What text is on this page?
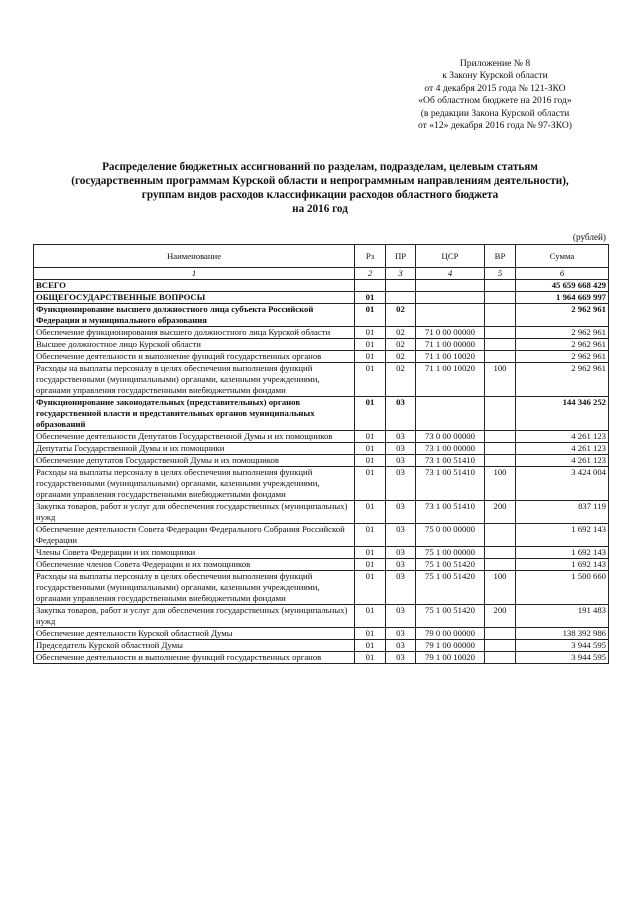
Приложение № 8
к Закону Курской области
от 4 декабря 2015 года № 121-ЗКО
«Об областном бюджете на 2016 год»
(в редакции Закона Курской области
от «12» декабря 2016 года № 97-ЗКО)
Распределение бюджетных ассигнований по разделам, подразделам, целевым статьям
(государственным программам Курской области и непрограммным направлениям деятельности),
группам видов расходов классификации расходов областного бюджета
на 2016 год
(рублей)
Наименование	Рз	ПР	ЦСР	ВР	Сумма
1	2	3	4	5	6
ВСЕГО					45 659 668 429
ОБЩЕГОСУДАРСТВЕННЫЕ ВОПРОСЫ	01				1 964 669 997
Функционирование высшего должностного лица субъекта Российской Федерации и муниципального образования	01	02			2 962 961
Обеспечение функционирования высшего должностного лица Курской области	01	02	71 0 00 00000		2 962 961
Высшее должностное лицо Курской области	01	02	71 1 00 00000		2 962 961
Обеспечение деятельности и выполнение функций государственных органов	01	02	71 1 00 10020		2 962 961
Расходы на выплаты персоналу в целях обеспечения выполнения функций государственными (муниципальными) органами, казенными учреждениями, органами управления государственными внебюджетными фондами	01	02	71 1 00 10020	100	2 962 961
Функционирование законодательных (представительных) органов государственной власти и представительных органов муниципальных образований	01	03			144 346 252
Обеспечение деятельности Депутатов Государственной Думы и их помощников	01	03	73 0 00 00000		4 261 123
Депутаты Государственной Думы и их помощники	01	03	73 1 00 00000		4 261 123
Обеспечение депутатов Государственной Думы и их помощников	01	03	73 1 00 51410		4 261 123
Расходы на выплаты персоналу в целях обеспечения выполнения функций государственными (муниципальными) органами, казенными учреждениями, органами управления государственными внебюджетными фондами	01	03	73 1 00 51410	100	3 424 004
Закупка товаров, работ и услуг для обеспечения государственных (муниципальных) нужд	01	03	73 1 00 51410	200	837 119
Обеспечение деятельности Совета Федерации Федерального Собрания Российской Федерации	01	03	75 0 00 00000		1 692 143
Члены Совета Федерации и их помощники	01	03	75 1 00 00000		1 692 143
Обеспечение членов Совета Федерации и их помощников	01	03	75 1 00 51420		1 692 143
Расходы на выплаты персоналу в целях обеспечения выполнения функций государственными (муниципальными) органами, казенными учреждениями, органами управления государственными внебюджетными фондами	01	03	75 1 00 51420	100	1 500 660
Закупка товаров, работ и услуг для обеспечения государственных (муниципальных) нужд	01	03	75 1 00 51420	200	191 483
Обеспечение деятельности Курской областной Думы	01	03	79 0 00 00000		138 392 986
Председатель Курской областной Думы	01	03	79 1 00 00000		3 944 595
Обеспечение деятельности и выполнение функций государственных органов	01	03	79 1 00 10020		3 944 595
